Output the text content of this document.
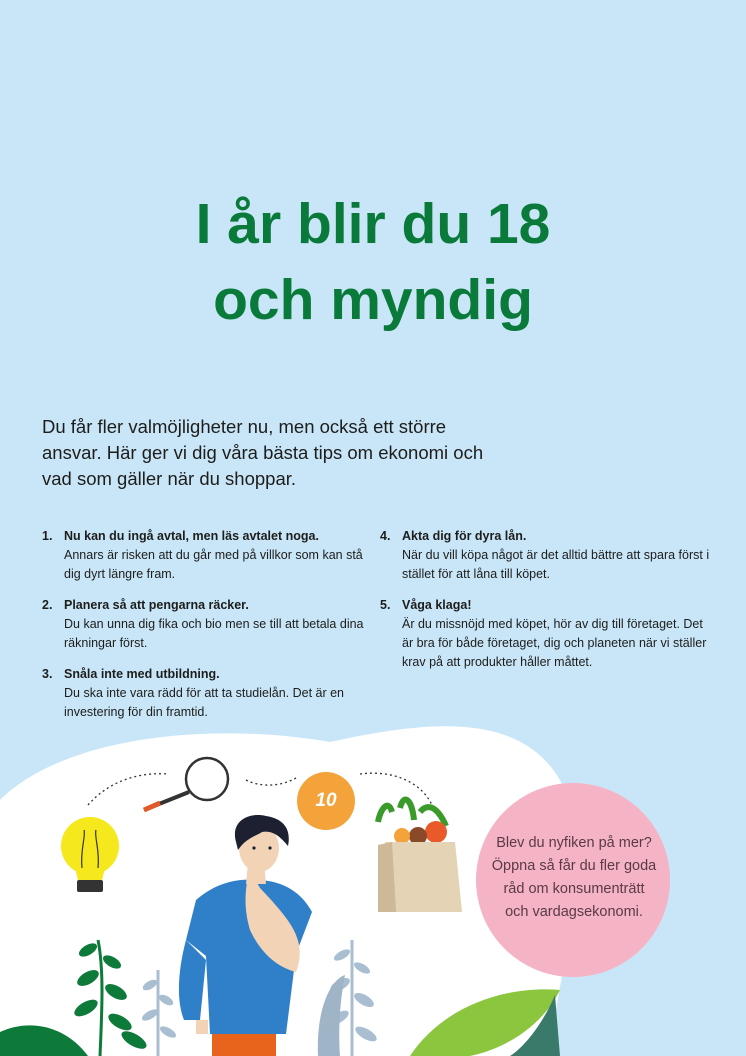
I år blir du 18
och myndig
Du får fler valmöjligheter nu, men också ett större ansvar. Här ger vi dig våra bästa tips om ekonomi och vad som gäller när du shoppar.
1. Nu kan du ingå avtal, men läs avtalet noga.
Annars är risken att du går med på villkor som kan stå dig dyrt längre fram.
2. Planera så att pengarna räcker.
Du kan unna dig fika och bio men se till att betala dina räkningar först.
3. Snåla inte med utbildning.
Du ska inte vara rädd för att ta studielån. Det är en investering för din framtid.
4. Akta dig för dyra lån.
När du vill köpa något är det alltid bättre att spara först i stället för att låna till köpet.
5. Våga klaga!
Är du missnöjd med köpet, hör av dig till företaget. Det är bra för både företaget, dig och planeten när vi ställer krav på att produkter håller måttet.
10
Blev du nyfiken på mer? Öppna så får du fler goda råd om konsumenträtt och vardagsekonomi.
